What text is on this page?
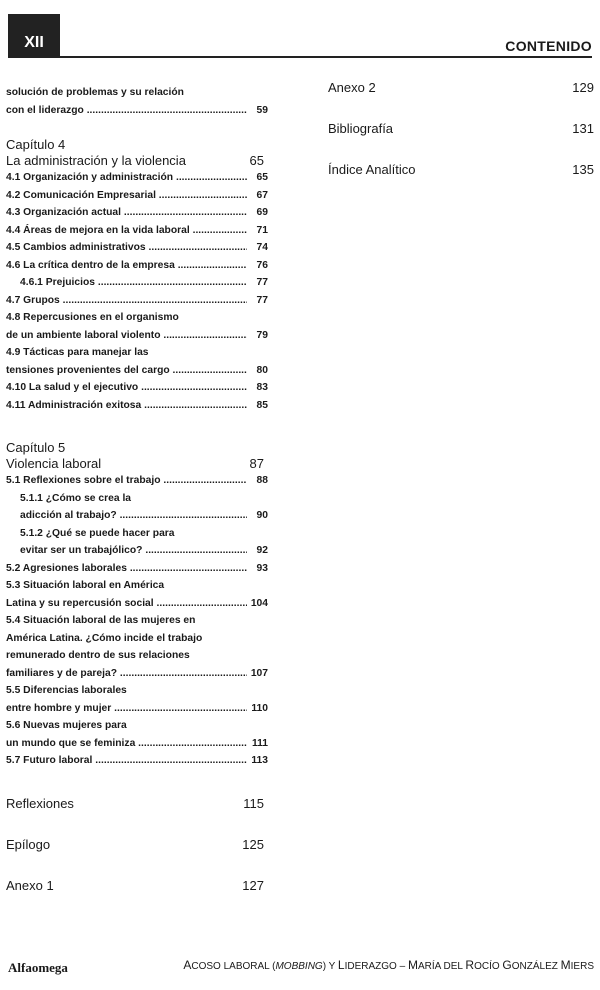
XII	CONTENIDO
solución de problemas y su relación
con el liderazgo .....	59
Capítulo 4
La administración y la violencia	65
4.1 Organización y administración .....	65
4.2 Comunicación Empresarial .....	67
4.3 Organización actual .....	69
4.4 Áreas de mejora en la vida laboral .....	71
4.5 Cambios administrativos .....	74
4.6 La crítica dentro de la empresa .....	76
4.6.1 Prejuicios .....	77
4.7 Grupos .....	77
4.8 Repercusiones en el organismo
de un ambiente laboral violento .....	79
4.9 Tácticas para manejar las
tensiones provenientes del cargo .....	80
4.10 La salud y el ejecutivo .....	83
4.11 Administración exitosa .....	85
Capítulo 5
Violencia laboral	87
5.1 Reflexiones sobre el trabajo .....	88
5.1.1 ¿Cómo se crea la
adicción al trabajo? .....	90
5.1.2 ¿Qué se puede hacer para
evitar ser un trabajólico? .....	92
5.2 Agresiones laborales .....	93
5.3 Situación laboral en América
Latina y su repercusión social .....	104
5.4 Situación laboral de las mujeres en
América Latina. ¿Cómo incide el trabajo
remunerado dentro de sus relaciones
familiares y de pareja? .....	107
5.5 Diferencias laborales
entre hombre y mujer .....	110
5.6 Nuevas mujeres para
un mundo que se feminiza .....	111
5.7 Futuro laboral .....	113
Reflexiones	115
Epílogo	125
Anexo 1	127
Anexo 2	129
Bibliografía	131
Índice Analítico	135
Alfaomega	ACOSO LABORAL (MOBBING) Y LIDERAZGO – MARÍA DEL ROCÍO GONZÁLEZ MIERS
